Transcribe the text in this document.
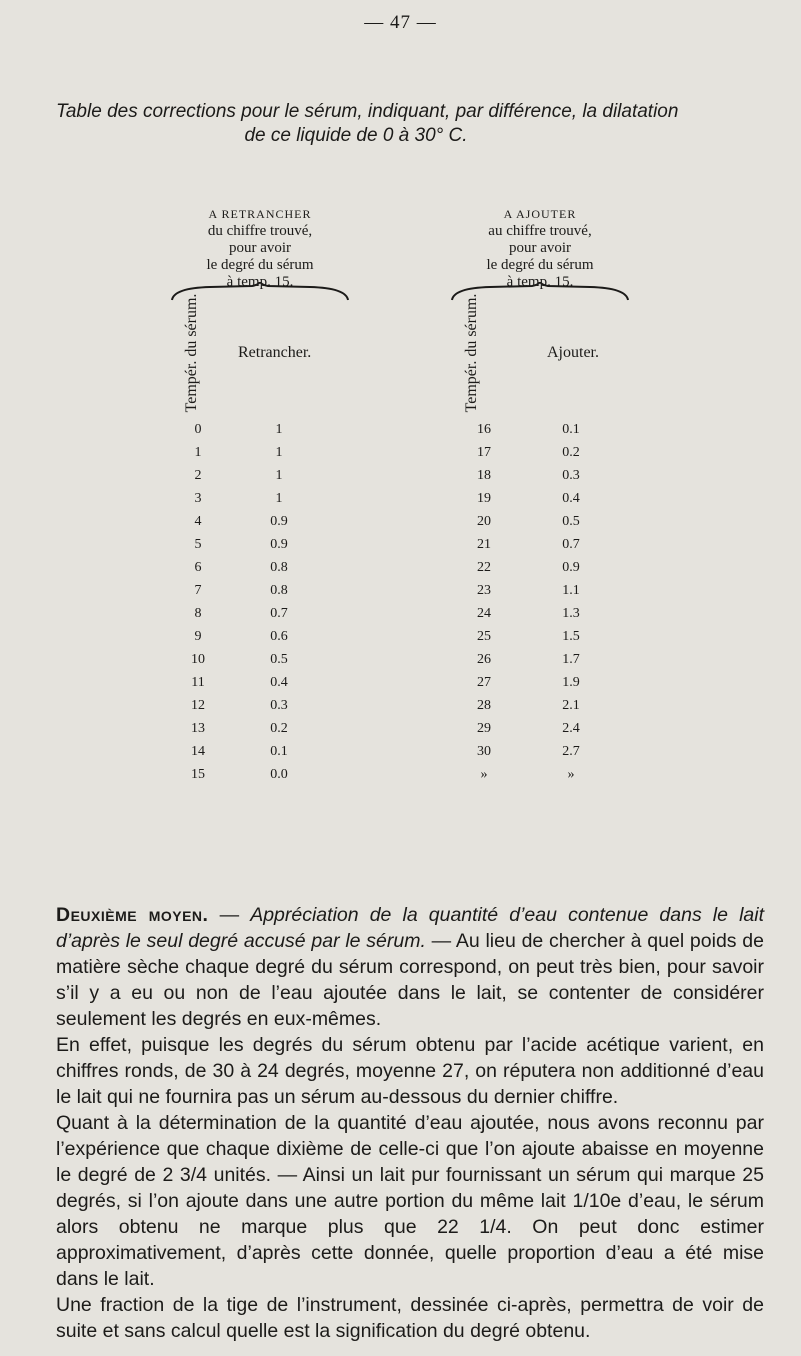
— 47 —
Table des corrections pour le sérum, indiquant, par différence, la dilatation
de ce liquide de 0 à 30° C.
A RETRANCHER
du chiffre trouvé,
pour avoir
le degré du sérum
à temp. 15.
A AJOUTER
au chiffre trouvé,
pour avoir
le degré du sérum
à temp. 15.
Tempér. du sérum. Retrancher.	Tempér. du sérum.	Ajouter.
0
1
2
3
4
5
6
7
8
9
10
11
12
13
14
15
1
1
1
1
0.9
0.9
0.8
0.8
0.7
0.6
0.5
0.4
0.3
0.2
0.1
0.0
16
17
18
19
20
21
22
23
24
25
26
27
28
29
30
»
0.1
0.2
0.3
0.4
0.5
0.7
0.9
1.1
1.3
1.5
1.7
1.9
2.1
2.4
2.7
»

Deuxième moyen. — Appréciation de la quantité d’eau contenue dans le lait d’après le seul degré accusé par le sérum. — Au lieu de chercher à quel poids de matière sèche chaque degré du sérum correspond, on peut très bien, pour savoir s’il y a eu ou non de l’eau ajoutée dans le lait, se contenter de considérer seulement les degrés en eux-mêmes.

En effet, puisque les degrés du sérum obtenu par l’acide acétique varient, en chiffres ronds, de 30 à 24 degrés, moyenne 27, on réputera non additionné d’eau le lait qui ne fournira pas un sérum au-dessous du dernier chiffre.

Quant à la détermination de la quantité d’eau ajoutée, nous avons reconnu par l’expérience que chaque dixième de celle-ci que l’on ajoute abaisse en moyenne le degré de 2 3/4 unités. — Ainsi un lait pur fournissant un sérum qui marque 25 degrés, si l’on ajoute dans une autre portion du même lait 1/10e d’eau, le sérum alors obtenu ne marque plus que 22 1/4. On peut donc estimer approximativement, d’après cette donnée, quelle proportion d’eau a été mise dans le lait.

Une fraction de la tige de l’instrument, dessinée ci-après, permettra de voir de suite et sans calcul quelle est la signification du degré obtenu.
